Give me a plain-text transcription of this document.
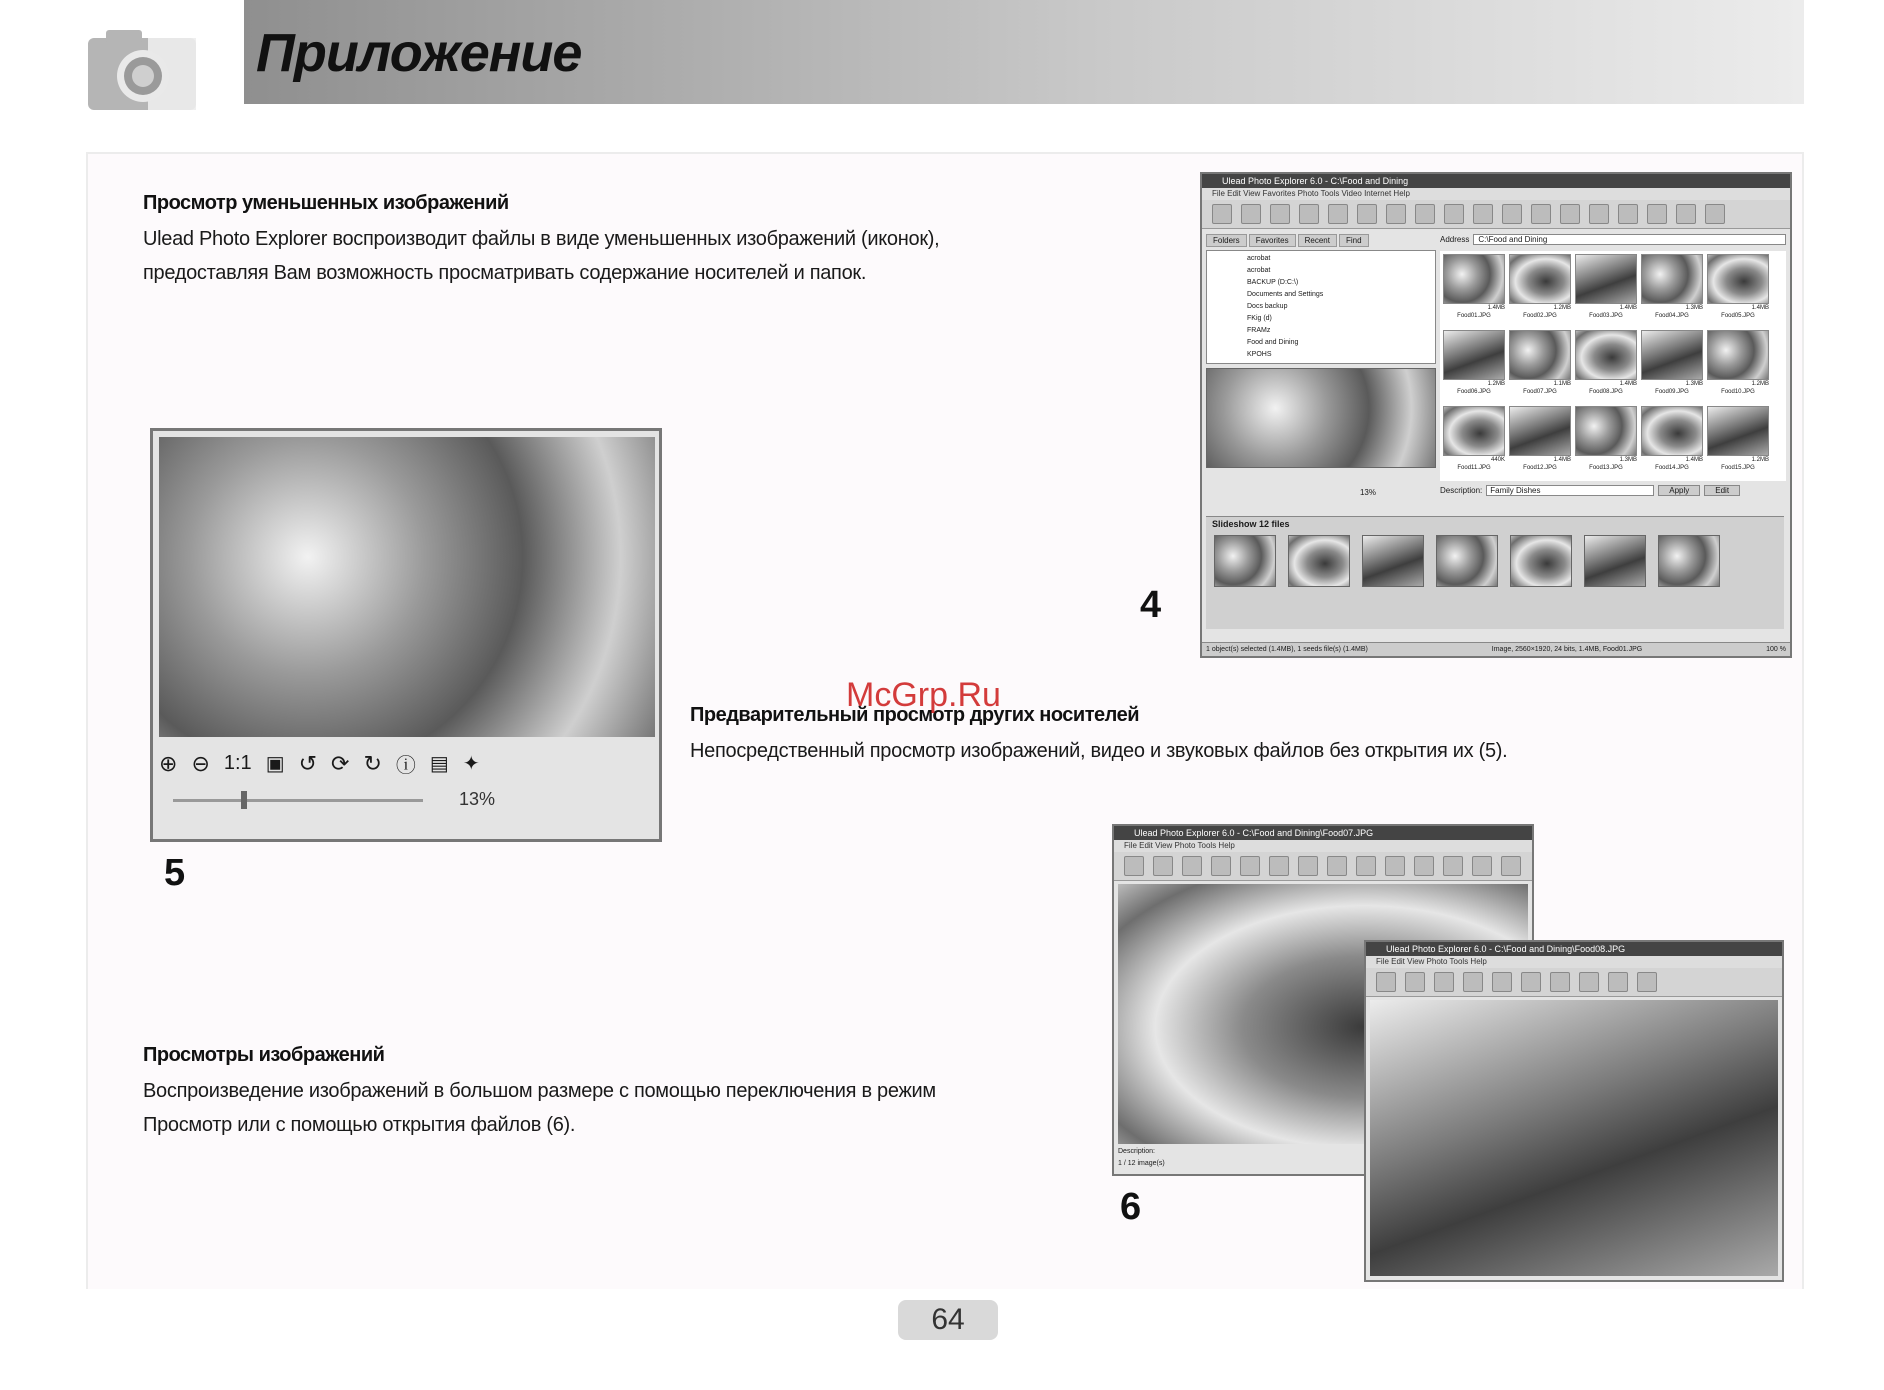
Приложение
Просмотр уменьшенных изображений
Ulead Photo Explorer воспроизводит файлы в виде уменьшенных изображений (иконок),
предоставляя Вам возможность просматривать содержание носителей и папок.
Предварительный просмотр других носителей
Непосредственный просмотр изображений, видео и звуковых файлов без открытия их (5).
Просмотры изображений
Воспроизведение изображений в большом размере с помощью переключения в режим
Просмотр или с помощью открытия файлов (6).
McGrp.Ru
Ulead Photo Explorer 6.0 - C:\Food and Dining
File Edit View Favorites Photo Tools Video Internet Help
Folders	Favorites	Recent	Find
acrobat
acrobat
BACKUP (D:C:\)
Documents and Settings
Docs backup
FKig (d)
FRAMz
Food and Dining
KPOHS
13%
Address	C:\Food and Dining
1.4MB
Food01.JPG
1.2MB
Food02.JPG
1.4MB
Food03.JPG
1.3MB
Food04.JPG
1.4MB
Food05.JPG
1.2MB
Food06.JPG
1.1MB
Food07.JPG
1.4MB
Food08.JPG
1.3MB
Food09.JPG
1.2MB
Food10.JPG
440K
Food11.JPG
1.4MB
Food12.JPG
1.3MB
Food13.JPG
1.4MB
Food14.JPG
1.2MB
Food15.JPG
Description:	Family Dishes	Apply	Edit
Slideshow 12 files
1 object(s) selected (1.4MB), 1 seeds file(s) (1.4MB)	Image, 2560×1920, 24 bits, 1.4MB, Food01.JPG	100 %
4
⊕ ⊖ 1:1 ▣ ↺ ⟳ ↻ ⓘ ▤ ✦
13%
5
Ulead Photo Explorer 6.0 - C:\Food and Dining\Food07.JPG
File Edit View Photo Tools Help
Description:
1 / 12 image(s)
Ulead Photo Explorer 6.0 - C:\Food and Dining\Food08.JPG
File Edit View Photo Tools Help
6
64
